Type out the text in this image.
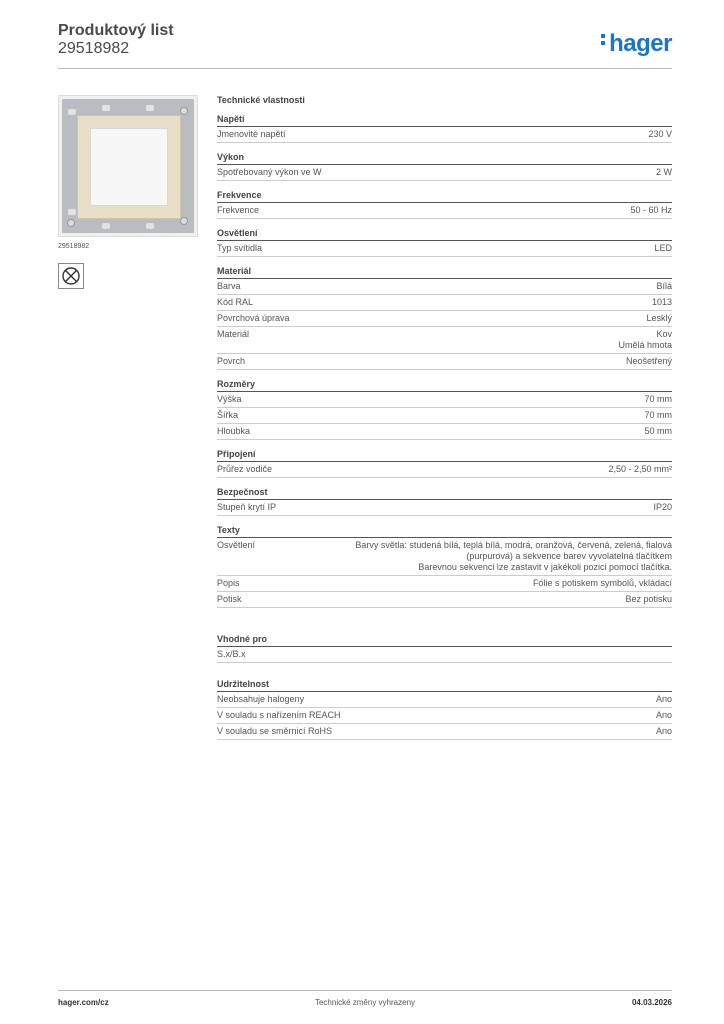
Produktový list
29518982	hager
29518982
Technické vlastnosti
Napětí
Jmenovité napětí	230 V
Výkon
Spotřebovaný výkon ve W	2 W
Frekvence
Frekvence	50 - 60 Hz
Osvětlení
Typ svítidla	LED
Materiál
Barva	Bílá
Kód RAL	1013
Povrchová úprava	Lesklý
Materiál	Kov
Umělá hmota
Povrch	Neošetřený
Rozměry
Výška	70 mm
Šířka	70 mm
Hloubka	50 mm
Připojení
Průřez vodiče	2,50 - 2,50 mm²
Bezpečnost
Stupeň krytí IP	IP20
Texty
Osvětlení	Barvy světla: studená bílá, teplá bílá, modrá, oranžová, červená, zelená, fialová (purpurová) a sekvence barev vyvolatelná tlačítkem
Barevnou sekvenci lze zastavit v jakékoli pozici pomocí tlačítka.
Popis	Fólie s potiskem symbolů, vkládací
Potisk	Bez potisku
Vhodné pro
S.x/B.x
Udržitelnost
Neobsahuje halogeny	Ano
V souladu s nařízením REACH	Ano
V souladu se směrnicí RoHS	Ano
Technické změny vyhrazeny
hager.com/cz	04.03.2026
